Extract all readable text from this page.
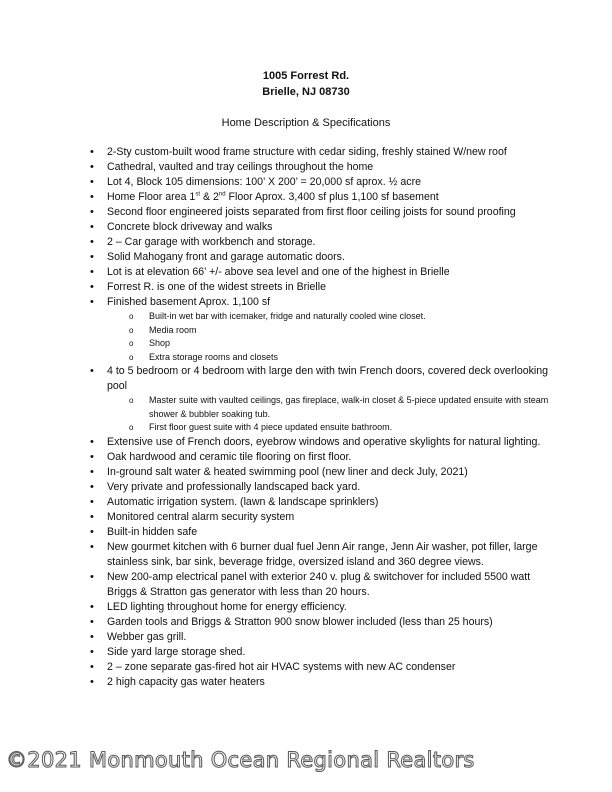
1005 Forrest Rd.
Brielle, NJ 08730
Home Description & Specifications
• 2-Sty custom-built wood frame structure with cedar siding, freshly stained W/new roof
• Cathedral, vaulted and tray ceilings throughout the home
• Lot 4, Block 105 dimensions: 100’ X 200’ = 20,000 sf aprox. ½ acre
• Home Floor area 1st & 2nd Floor Aprox. 3,400 sf plus 1,100 sf basement
• Second floor engineered joists separated from first floor ceiling joists for sound proofing
• Concrete block driveway and walks
• 2 – Car garage with workbench and storage.
• Solid Mahogany front and garage automatic doors.
• Lot is at elevation 66’ +/- above sea level and one of the highest in Brielle
• Forrest R. is one of the widest streets in Brielle
• Finished basement Aprox. 1,100 sf
o Built-in wet bar with icemaker, fridge and naturally cooled wine closet.
o Media room
o Shop
o Extra storage rooms and closets
• 4 to 5 bedroom or 4 bedroom with large den with twin French doors, covered deck overlooking pool
o Master suite with vaulted ceilings, gas fireplace, walk-in closet & 5-piece updated ensuite with steam shower & bubbler soaking tub.
o First floor guest suite with 4 piece updated ensuite bathroom.
• Extensive use of French doors, eyebrow windows and operative skylights for natural lighting.
• Oak hardwood and ceramic tile flooring on first floor.
• In-ground salt water & heated swimming pool (new liner and deck July, 2021)
• Very private and professionally landscaped back yard.
• Automatic irrigation system. (lawn & landscape sprinklers)
• Monitored central alarm security system
• Built-in hidden safe
• New gourmet kitchen with 6 burner dual fuel Jenn Air range, Jenn Air washer, pot filler, large stainless sink, bar sink, beverage fridge, oversized island and 360 degree views.
• New 200-amp electrical panel with exterior 240 v. plug & switchover for included 5500 watt Briggs & Stratton gas generator with less than 20 hours.
• LED lighting throughout home for energy efficiency.
• Garden tools and Briggs & Stratton 900 snow blower included (less than 25 hours)
• Webber gas grill.
• Side yard large storage shed.
• 2 – zone separate gas-fired hot air HVAC systems with new AC condenser
• 2 high capacity gas water heaters
©2021 Monmouth Ocean Regional Realtors
